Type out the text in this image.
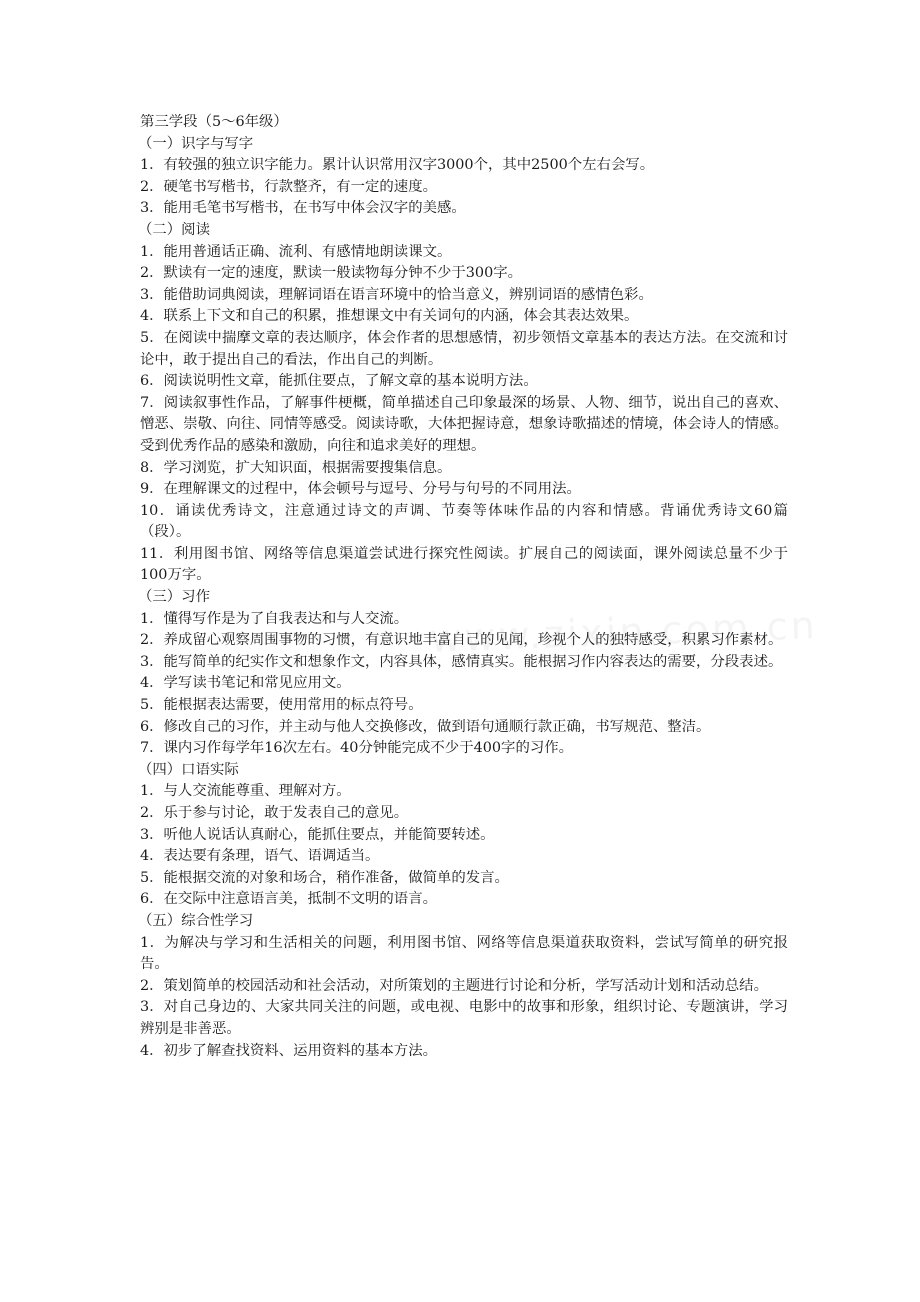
第三学段（5～6年级）

（一）识字与写字

1．有较强的独立识字能力。累计认识常用汉字3000个，其中2500个左右会写。

2．硬笔书写楷书，行款整齐，有一定的速度。

3．能用毛笔书写楷书，在书写中体会汉字的美感。

（二）阅读

1．能用普通话正确、流利、有感情地朗读课文。

2．默读有一定的速度，默读一般读物每分钟不少于300字。

3．能借助词典阅读，理解词语在语言环境中的恰当意义，辨别词语的感情色彩。

4．联系上下文和自己的积累，推想课文中有关词句的内涵，体会其表达效果。

5．在阅读中揣摩文章的表达顺序，体会作者的思想感情，初步领悟文章基本的表达方法。在交流和讨论中，敢于提出自己的看法，作出自己的判断。

6．阅读说明性文章，能抓住要点，了解文章的基本说明方法。

7．阅读叙事性作品，了解事件梗概，简单描述自己印象最深的场景、人物、细节，说出自己的喜欢、憎恶、崇敬、向往、同情等感受。阅读诗歌，大体把握诗意，想象诗歌描述的情境，体会诗人的情感。受到优秀作品的感染和激励，向往和追求美好的理想。

8．学习浏览，扩大知识面，根据需要搜集信息。

9．在理解课文的过程中，体会顿号与逗号、分号与句号的不同用法。

10．诵读优秀诗文，注意通过诗文的声调、节奏等体味作品的内容和情感。背诵优秀诗文60篇（段）。

11．利用图书馆、网络等信息渠道尝试进行探究性阅读。扩展自己的阅读面，课外阅读总量不少于100万字。

（三）习作

1．懂得写作是为了自我表达和与人交流。

2．养成留心观察周围事物的习惯，有意识地丰富自己的见闻，珍视个人的独特感受，积累习作素材。

3．能写简单的纪实作文和想象作文，内容具体，感情真实。能根据习作内容表达的需要，分段表述。

4．学写读书笔记和常见应用文。

5．能根据表达需要，使用常用的标点符号。

6．修改自己的习作，并主动与他人交换修改，做到语句通顺行款正确，书写规范、整洁。

7．课内习作每学年16次左右。40分钟能完成不少于400字的习作。

（四）口语实际

1．与人交流能尊重、理解对方。

2．乐于参与讨论，敢于发表自己的意见。

3．听他人说话认真耐心，能抓住要点，并能简要转述。

4．表达要有条理，语气、语调适当。

5．能根据交流的对象和场合，稍作准备，做简单的发言。

6．在交际中注意语言美，抵制不文明的语言。

（五）综合性学习

1．为解决与学习和生活相关的问题，利用图书馆、网络等信息渠道获取资料，尝试写简单的研究报告。

2．策划简单的校园活动和社会活动，对所策划的主题进行讨论和分析，学写活动计划和活动总结。

3．对自己身边的、大家共同关注的问题，或电视、电影中的故事和形象，组织讨论、专题演讲，学习辨别是非善恶。

4．初步了解查找资料、运用资料的基本方法。
